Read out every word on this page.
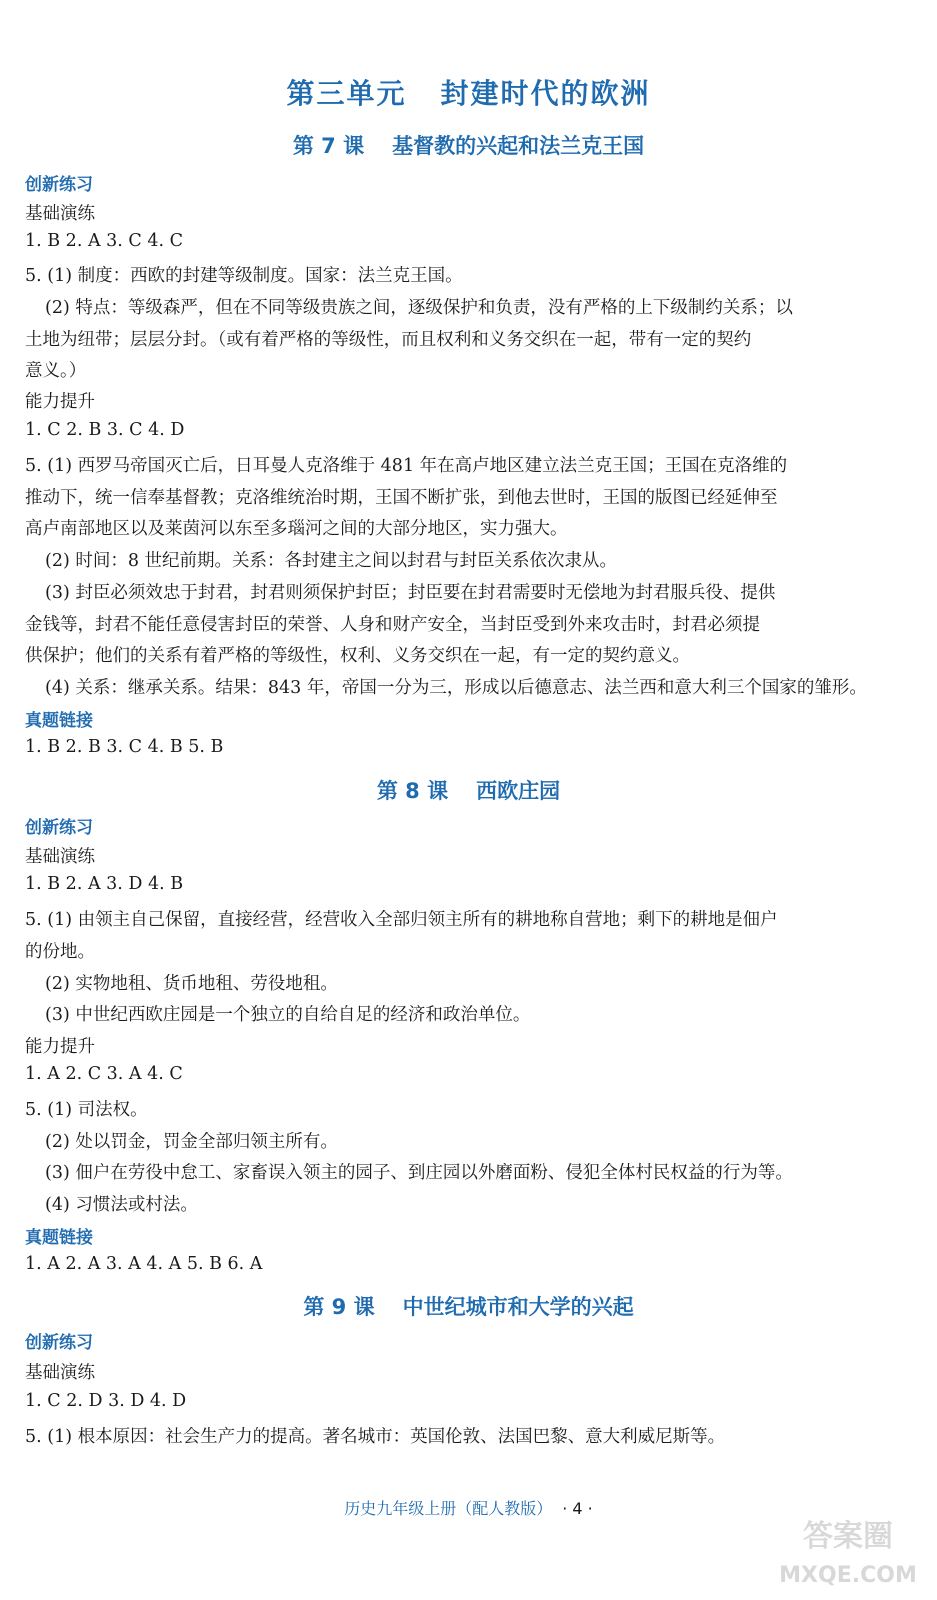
第三单元 封建时代的欧洲
第 7 课 基督教的兴起和法兰克王国
创新练习
基础演练
1. B 2. A 3. C 4. C
5. (1) 制度：西欧的封建等级制度。国家：法兰克王国。
(2) 特点：等级森严，但在不同等级贵族之间，逐级保护和负责，没有严格的上下级制约关系；以
土地为纽带；层层分封。（或有着严格的等级性，而且权利和义务交织在一起，带有一定的契约
意义。）
能力提升
1. C 2. B 3. C 4. D
5. (1) 西罗马帝国灭亡后，日耳曼人克洛维于 481 年在高卢地区建立法兰克王国；王国在克洛维的
推动下，统一信奉基督教；克洛维统治时期，王国不断扩张，到他去世时，王国的版图已经延伸至
高卢南部地区以及莱茵河以东至多瑙河之间的大部分地区，实力强大。
(2) 时间：8 世纪前期。关系：各封建主之间以封君与封臣关系依次隶从。
(3) 封臣必须效忠于封君，封君则须保护封臣；封臣要在封君需要时无偿地为封君服兵役、提供
金钱等，封君不能任意侵害封臣的荣誉、人身和财产安全，当封臣受到外来攻击时，封君必须提
供保护；他们的关系有着严格的等级性，权利、义务交织在一起，有一定的契约意义。
(4) 关系：继承关系。结果：843 年，帝国一分为三，形成以后德意志、法兰西和意大利三个国家的雏形。
真题链接
1. B 2. B 3. C 4. B 5. B
第 8 课 西欧庄园
创新练习
基础演练
1. B 2. A 3. D 4. B
5. (1) 由领主自己保留，直接经营，经营收入全部归领主所有的耕地称自营地；剩下的耕地是佃户
的份地。
(2) 实物地租、货币地租、劳役地租。
(3) 中世纪西欧庄园是一个独立的自给自足的经济和政治单位。
能力提升
1. A 2. C 3. A 4. C
5. (1) 司法权。
(2) 处以罚金，罚金全部归领主所有。
(3) 佃户在劳役中怠工、家畜误入领主的园子、到庄园以外磨面粉、侵犯全体村民权益的行为等。
(4) 习惯法或村法。
真题链接
1. A 2. A 3. A 4. A 5. B 6. A
第 9 课 中世纪城市和大学的兴起
创新练习
基础演练
1. C 2. D 3. D 4. D
5. (1) 根本原因：社会生产力的提高。著名城市：英国伦敦、法国巴黎、意大利威尼斯等。
历史九年级上册（配人教版） · 4 ·
答案圈
MXQE.COM
